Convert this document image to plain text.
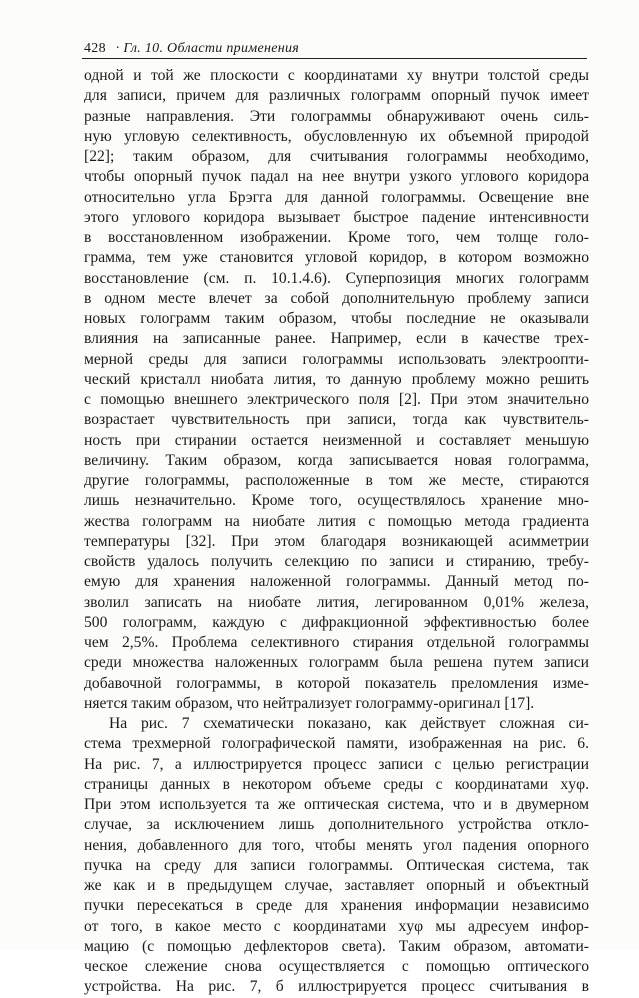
428 · Гл. 10. Области применения
одной и той же плоскости с координатами xy внутри толстой среды
для записи, причем для различных голограмм опорный пучок имеет
разные направления. Эти голограммы обнаруживают очень силь-
ную угловую селективность, обусловленную их объемной природой
[22]; таким образом, для считывания голограммы необходимо,
чтобы опорный пучок падал на нее внутри узкого углового коридора
относительно угла Брэгга для данной голограммы. Освещение вне
этого углового коридора вызывает быстрое падение интенсивности
в восстановленном изображении. Кроме того, чем толще голо-
грамма, тем уже становится угловой коридор, в котором возможно
восстановление (см. п. 10.1.4.6). Суперпозиция многих голограмм
в одном месте влечет за собой дополнительную проблему записи
новых голограмм таким образом, чтобы последние не оказывали
влияния на записанные ранее. Например, если в качестве трех-
мерной среды для записи голограммы использовать электроопти-
ческий кристалл ниобата лития, то данную проблему можно решить
с помощью внешнего электрического поля [2]. При этом значительно
возрастает чувствительность при записи, тогда как чувствитель-
ность при стирании остается неизменной и составляет меньшую
величину. Таким образом, когда записывается новая голограмма,
другие голограммы, расположенные в том же месте, стираются
лишь незначительно. Кроме того, осуществлялось хранение мно-
жества голограмм на ниобате лития с помощью метода градиента
температуры [32]. При этом благодаря возникающей асимметрии
свойств удалось получить селекцию по записи и стиранию, требу-
емую для хранения наложенной голограммы. Данный метод по-
зволил записать на ниобате лития, легированном 0,01% железа,
500 голограмм, каждую с дифракционной эффективностью более
чем 2,5%. Проблема селективного стирания отдельной голограммы
среди множества наложенных голограмм была решена путем записи
добавочной голограммы, в которой показатель преломления изме-
няется таким образом, что нейтрализует голограмму-оригинал [17].
На рис. 7 схематически показано, как действует сложная си-
стема трехмерной голографической памяти, изображенная на рис. 6.
На рис. 7, а иллюстрируется процесс записи с целью регистрации
страницы данных в некотором объеме среды с координатами xyφ.
При этом используется та же оптическая система, что и в двумерном
случае, за исключением лишь дополнительного устройства откло-
нения, добавленного для того, чтобы менять угол падения опорного
пучка на среду для записи голограммы. Оптическая система, так
же как и в предыдущем случае, заставляет опорный и объектный
пучки пересекаться в среде для хранения информации независимо
от того, в какое место с координатами xyφ мы адресуем инфор-
мацию (с помощью дефлекторов света). Таким образом, автомати-
ческое слежение снова осуществляется с помощью оптического
устройства. На рис. 7, б иллюстрируется процесс считывания в
